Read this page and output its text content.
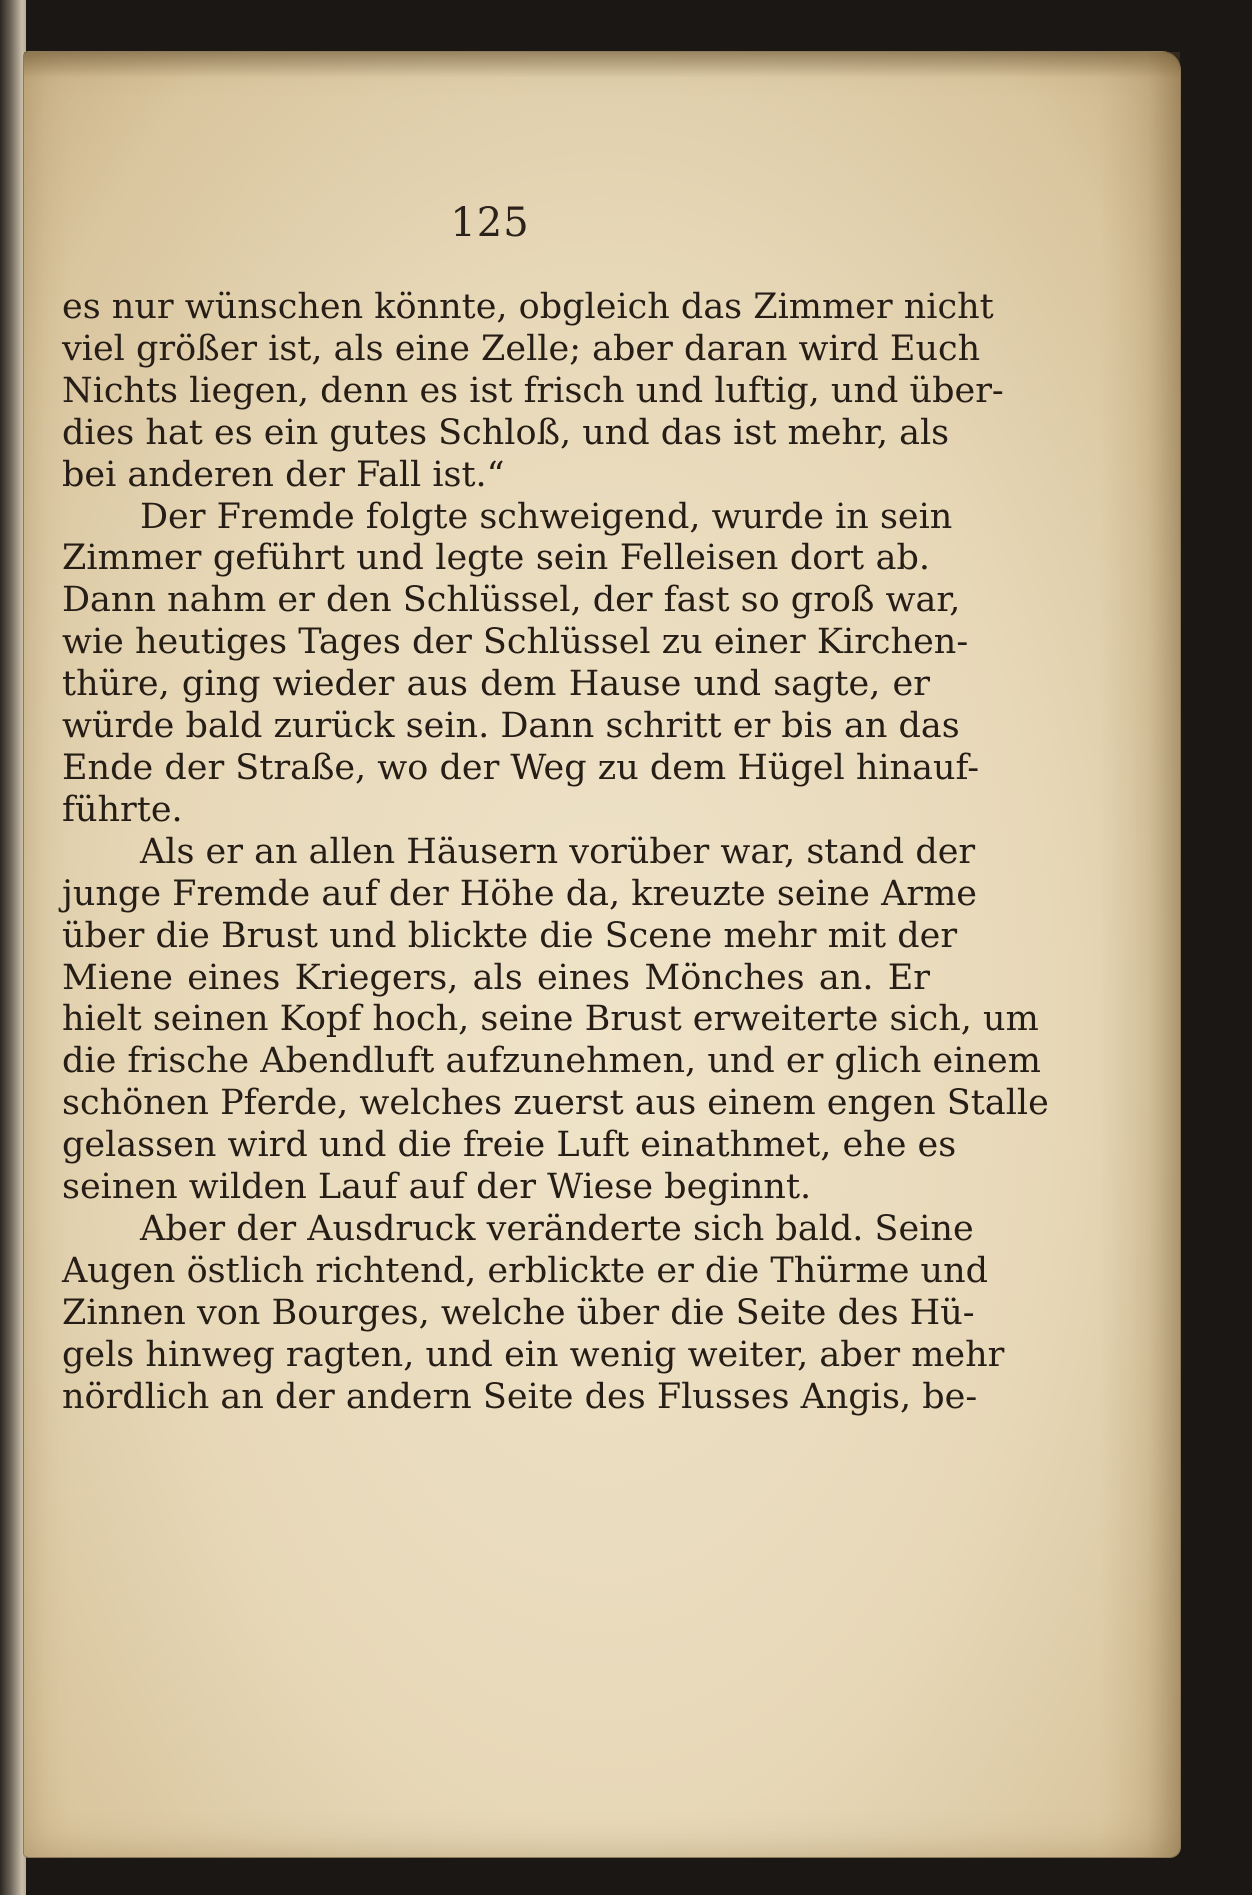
125
es nur wünschen könnte, obgleich das Zimmer nicht
viel größer ist, als eine Zelle; aber daran wird Euch
Nichts liegen, denn es ist frisch und luftig, und über-
dies hat es ein gutes Schloß, und das ist mehr, als
bei anderen der Fall ist.“
Der Fremde folgte schweigend, wurde in sein
Zimmer geführt und legte sein Felleisen dort ab.
Dann nahm er den Schlüssel, der fast so groß war,
wie heutiges Tages der Schlüssel zu einer Kirchen-
thüre, ging wieder aus dem Hause und sagte, er
würde bald zurück sein. Dann schritt er bis an das
Ende der Straße, wo der Weg zu dem Hügel hinauf-
führte.
Als er an allen Häusern vorüber war, stand der
junge Fremde auf der Höhe da, kreuzte seine Arme
über die Brust und blickte die Scene mehr mit der
Miene eines Kriegers, als eines Mönches an. Er
hielt seinen Kopf hoch, seine Brust erweiterte sich, um
die frische Abendluft aufzunehmen, und er glich einem
schönen Pferde, welches zuerst aus einem engen Stalle
gelassen wird und die freie Luft einathmet, ehe es
seinen wilden Lauf auf der Wiese beginnt.
Aber der Ausdruck veränderte sich bald. Seine
Augen östlich richtend, erblickte er die Thürme und
Zinnen von Bourges, welche über die Seite des Hü-
gels hinweg ragten, und ein wenig weiter, aber mehr
nördlich an der andern Seite des Flusses Angis, be-
